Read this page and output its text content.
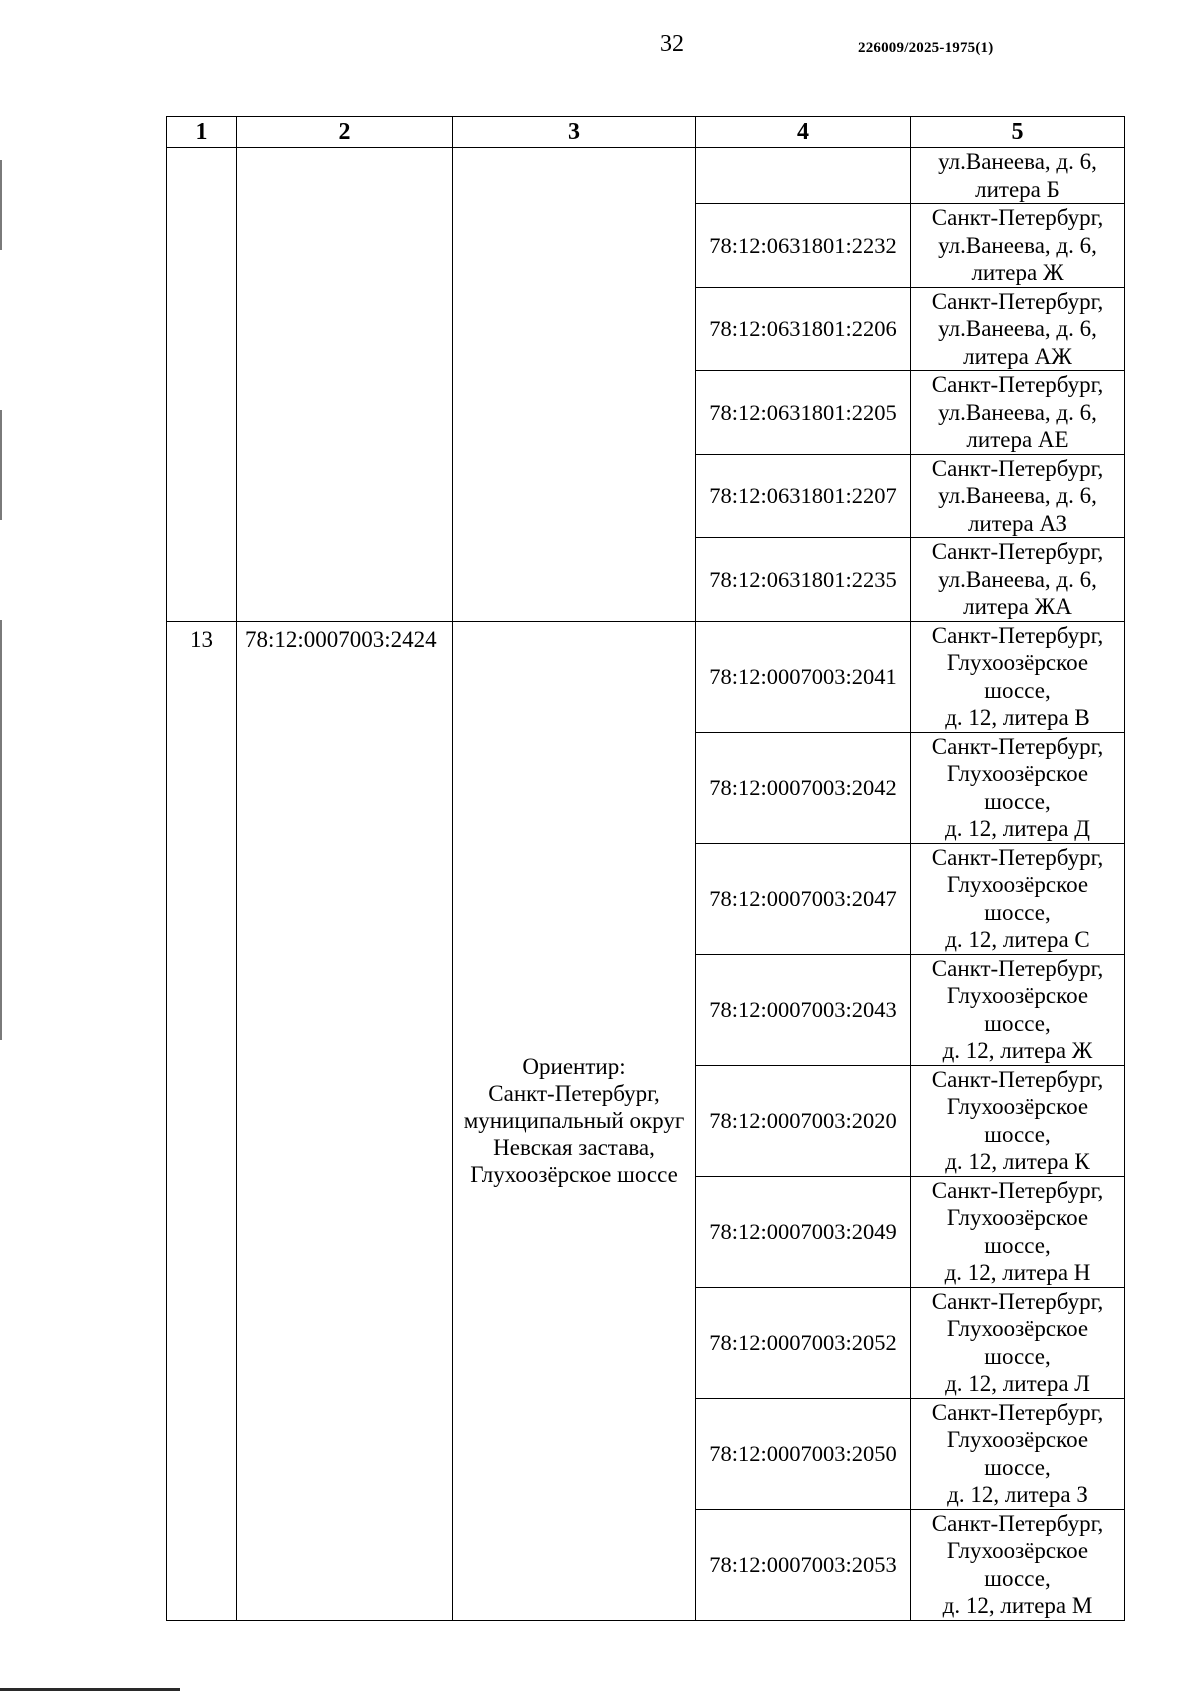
32	226009/2025-1975(1)
1	2	3	4	5

				ул.Ванеева, д. 6,
литера Б

			78:12:0631801:2232	Санкт-Петербург,
ул.Ванеева, д. 6,
литера Ж

			78:12:0631801:2206	Санкт-Петербург,
ул.Ванеева, д. 6,
литера АЖ

			78:12:0631801:2205	Санкт-Петербург,
ул.Ванеева, д. 6,
литера АЕ

			78:12:0631801:2207	Санкт-Петербург,
ул.Ванеева, д. 6,
литера АЗ

			78:12:0631801:2235	Санкт-Петербург,
ул.Ванеева, д. 6,
литера ЖА

13	78:12:0007003:2424	Ориентир:
Санкт-Петербург,
муниципальный округ
Невская застава,
Глухоозёрское шоссе	78:12:0007003:2041	Санкт-Петербург,
Глухоозёрское
шоссе,
д. 12, литера В

			78:12:0007003:2042	Санкт-Петербург,
Глухоозёрское
шоссе,
д. 12, литера Д

			78:12:0007003:2047	Санкт-Петербург,
Глухоозёрское
шоссе,
д. 12, литера С

			78:12:0007003:2043	Санкт-Петербург,
Глухоозёрское
шоссе,
д. 12, литера Ж

			78:12:0007003:2020	Санкт-Петербург,
Глухоозёрское
шоссе,
д. 12, литера К

			78:12:0007003:2049	Санкт-Петербург,
Глухоозёрское
шоссе,
д. 12, литера Н

			78:12:0007003:2052	Санкт-Петербург,
Глухоозёрское
шоссе,
д. 12, литера Л

			78:12:0007003:2050	Санкт-Петербург,
Глухоозёрское
шоссе,
д. 12, литера З

			78:12:0007003:2053	Санкт-Петербург,
Глухоозёрское
шоссе,
д. 12, литера М
